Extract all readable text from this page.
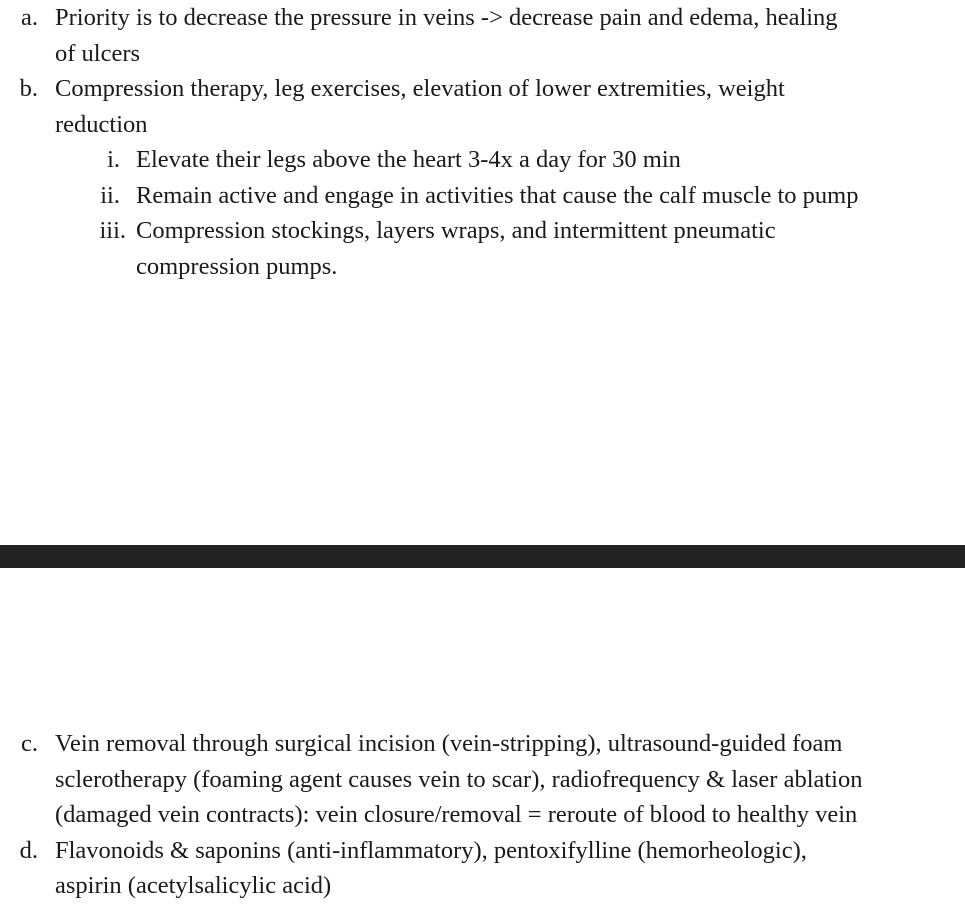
a. Priority is to decrease the pressure in veins -> decrease pain and edema, healing
of ulcers
b. Compression therapy, leg exercises, elevation of lower extremities, weight
reduction
i. Elevate their legs above the heart 3-4x a day for 30 min
ii. Remain active and engage in activities that cause the calf muscle to pump
iii. Compression stockings, layers wraps, and intermittent pneumatic
compression pumps.
c. Vein removal through surgical incision (vein-stripping), ultrasound-guided foam
sclerotherapy (foaming agent causes vein to scar), radiofrequency & laser ablation
(damaged vein contracts): vein closure/removal = reroute of blood to healthy vein
d. Flavonoids & saponins (anti-inflammatory), pentoxifylline (hemorheologic),
aspirin (acetylsalicylic acid)
